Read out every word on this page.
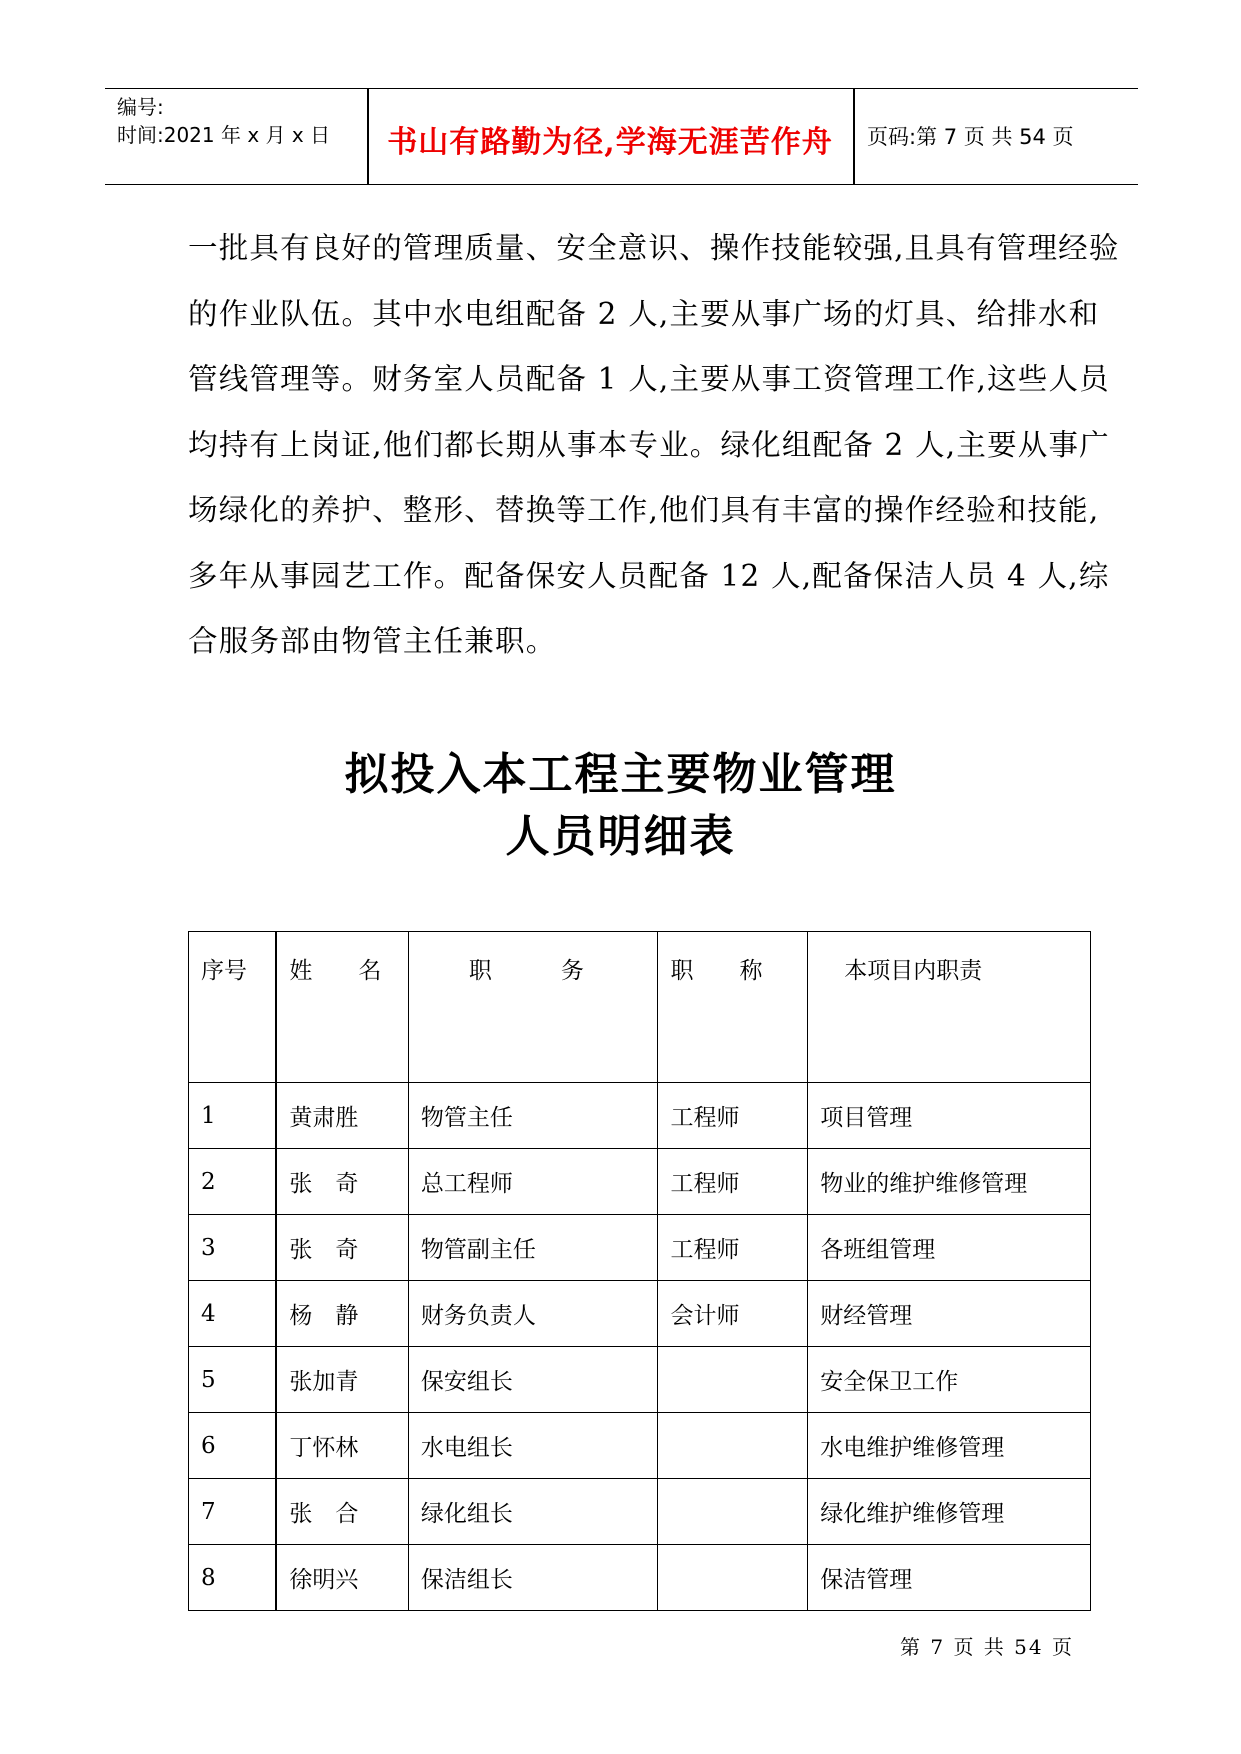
编号:
时间:2021 年 x 月 x 日	书山有路勤为径,学海无涯苦作舟	页码:第 7 页 共 54 页
一批具有良好的管理质量、安全意识、操作技能较强,且具有管理经验的作业队伍。其中水电组配备 2 人,主要从事广场的灯具、给排水和管线管理等。财务室人员配备 1 人,主要从事工资管理工作,这些人员均持有上岗证,他们都长期从事本专业。绿化组配备 2 人,主要从事广场绿化的养护、整形、替换等工作,他们具有丰富的操作经验和技能,多年从事园艺工作。配备保安人员配备 12 人,配备保洁人员 4 人,综合服务部由物管主任兼职。
拟投入本工程主要物业管理
人员明细表
序号	姓　　名	职　　　务	职　　称	本项目内职责
1	黄肃胜	物管主任	工程师	项目管理
2	张　奇	总工程师	工程师	物业的维护维修管理
3	张　奇	物管副主任	工程师	各班组管理
4	杨　静	财务负责人	会计师	财经管理
5	张加青	保安组长		安全保卫工作
6	丁怀林	水电组长		水电维护维修管理
7	张　合	绿化组长		绿化维护维修管理
8	徐明兴	保洁组长		保洁管理
第 7 页 共 54 页
